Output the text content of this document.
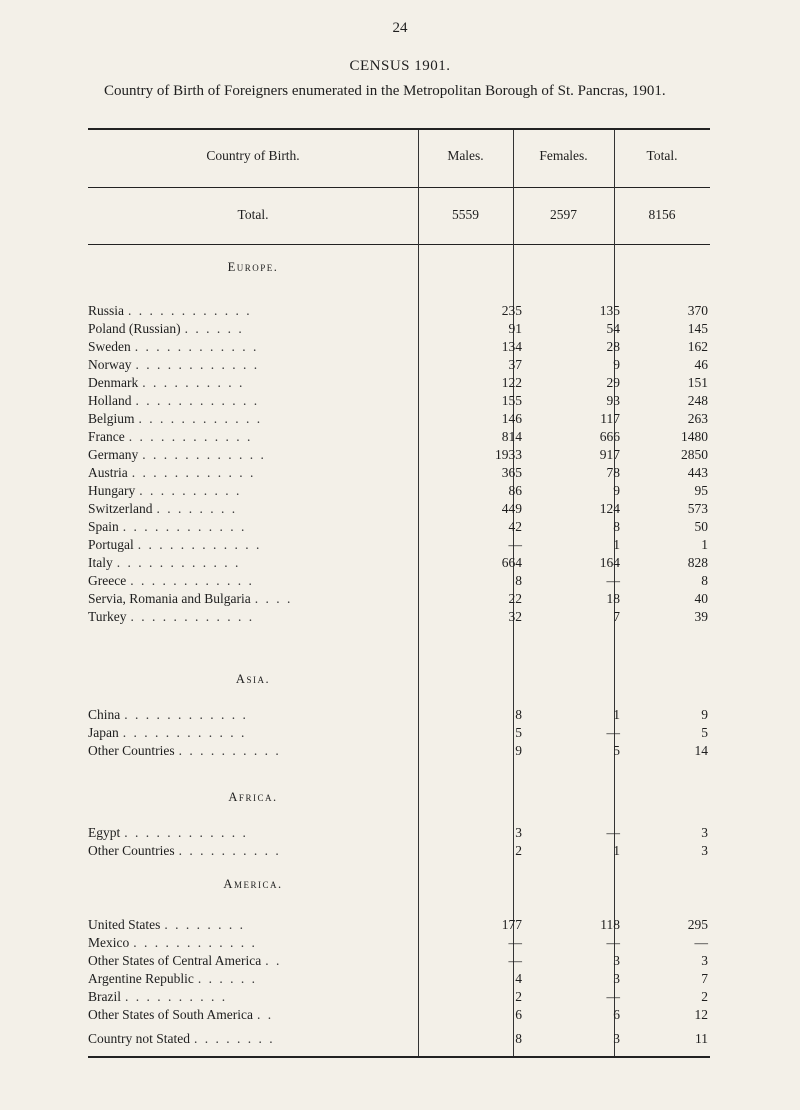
24
CENSUS 1901.
Country of Birth of Foreigners enumerated in the Metropolitan Borough of St. Pancras, 1901.
Country of Birth.	Males.	Females.	Total.
Total.	5559	2597	8156
Europe.
Asia.
Africa.
America.
Russia . . . . . . . . . . . .	235	135	370
Poland (Russian) . . . . . .	91	54	145
Sweden . . . . . . . . . . . .	134	28	162
Norway . . . . . . . . . . . .	37	9	46
Denmark . . . . . . . . . .	122	29	151
Holland . . . . . . . . . . . .	155	93	248
Belgium . . . . . . . . . . . .	146	117	263
France . . . . . . . . . . . .	814	666	1480
Germany . . . . . . . . . . . .	1933	917	2850
Austria . . . . . . . . . . . .	365	78	443
Hungary . . . . . . . . . .	86	9	95
Switzerland . . . . . . . .	449	124	573
Spain . . . . . . . . . . . .	42	8	50
Portugal . . . . . . . . . . . .	—	1	1
Italy . . . . . . . . . . . .	664	164	828
Greece . . . . . . . . . . . .	8	—	8
Servia, Romania and Bulgaria . . . .	22	18	40
Turkey . . . . . . . . . . . .	32	7	39
China . . . . . . . . . . . .	8	1	9
Japan . . . . . . . . . . . .	5	—	5
Other Countries . . . . . . . . . .	9	5	14
Egypt . . . . . . . . . . . .	3	—	3
Other Countries . . . . . . . . . .	2	1	3
United States . . . . . . . .	177	118	295
Mexico . . . . . . . . . . . .	—	—	—
Other States of Central America . .	—	3	3
Argentine Republic . . . . . .	4	3	7
Brazil . . . . . . . . . .	2	—	2
Other States of South America . .	6	6	12
Country not Stated . . . . . . . .	8	3	11
